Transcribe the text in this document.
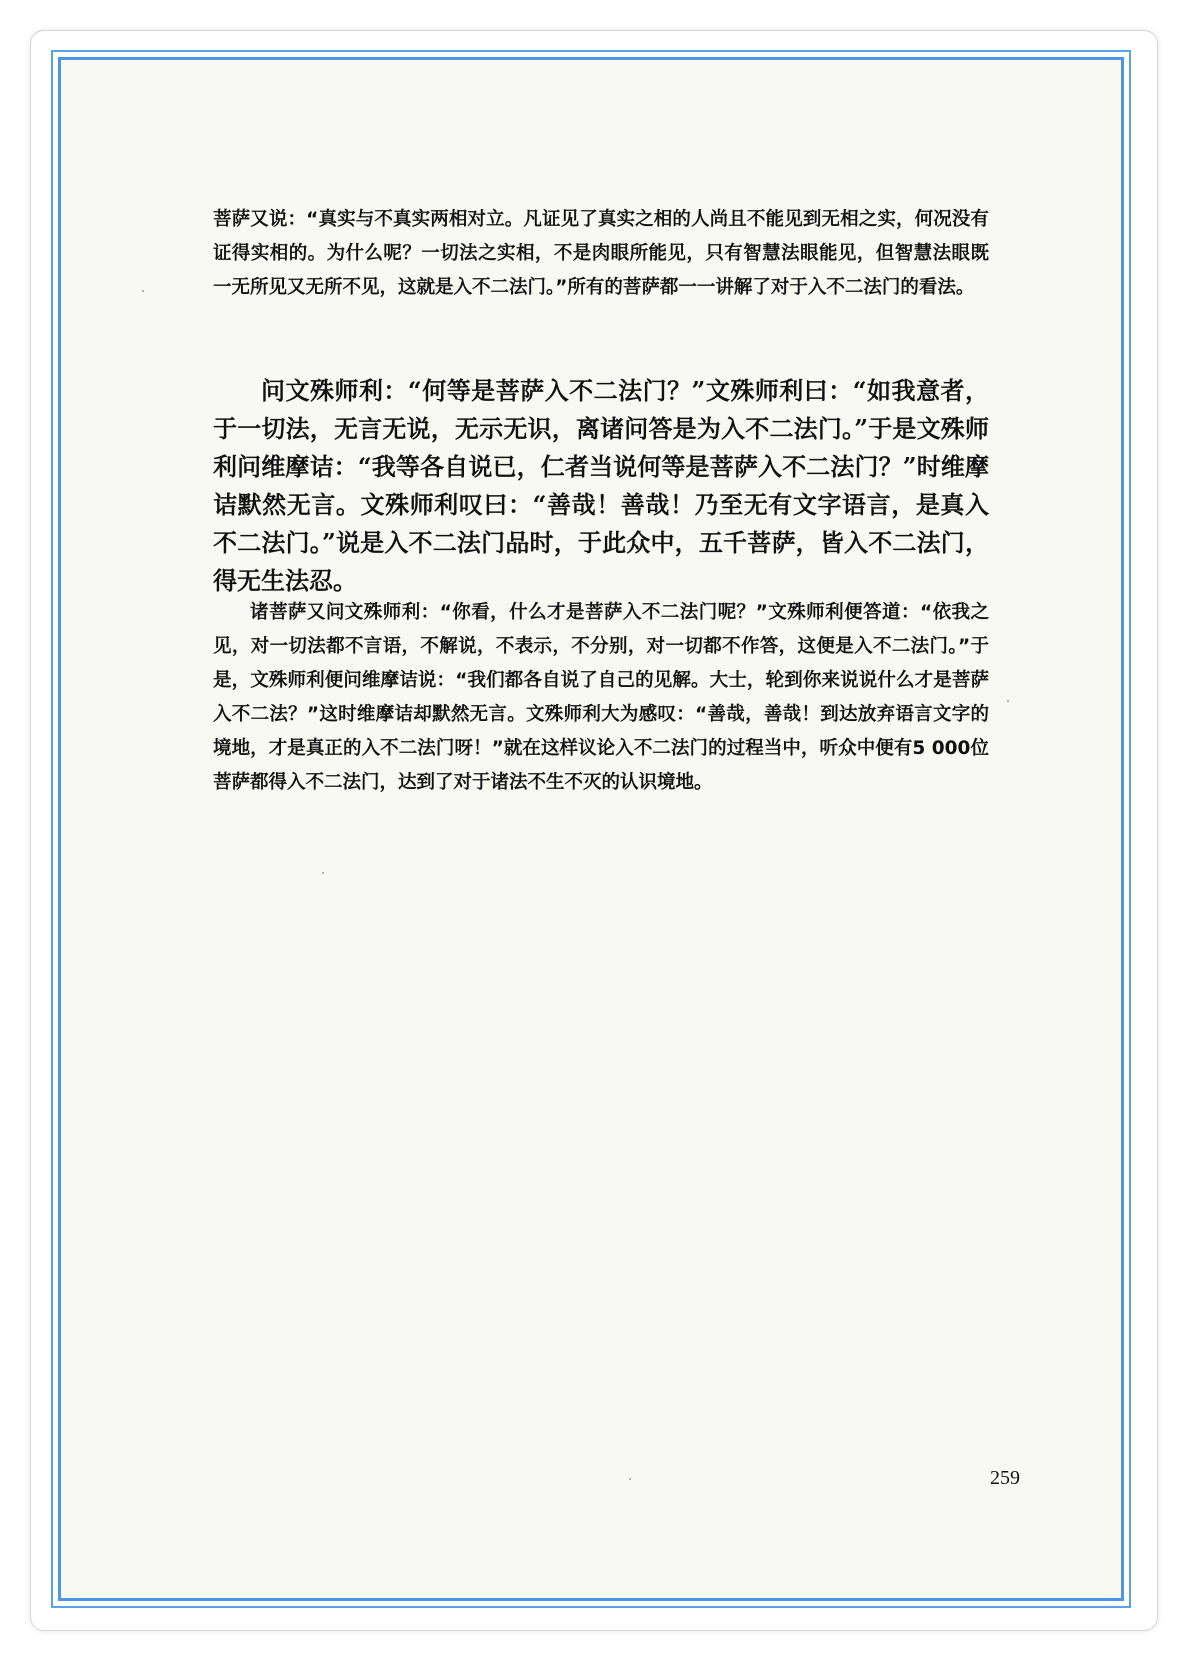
菩萨又说：“真实与不真实两相对立。凡证见了真实之相的人尚且不能见到无相之实，何况没有证得实相的。为什么呢？一切法之实相，不是肉眼所能见，只有智慧法眼能见，但智慧法眼既一无所见又无所不见，这就是入不二法门。”所有的菩萨都一一讲解了对于入不二法门的看法。

问文殊师利：“何等是菩萨入不二法门？”文殊师利曰：“如我意者，于一切法，无言无说，无示无识，离诸问答是为入不二法门。”于是文殊师利问维摩诘：“我等各自说已，仁者当说何等是菩萨入不二法门？”时维摩诘默然无言。文殊师利叹曰：“善哉！善哉！乃至无有文字语言，是真入不二法门。”说是入不二法门品时，于此众中，五千菩萨，皆入不二法门，得无生法忍。

诸菩萨又问文殊师利：“你看，什么才是菩萨入不二法门呢？”文殊师利便答道：“依我之见，对一切法都不言语，不解说，不表示，不分别，对一切都不作答，这便是入不二法门。”于是，文殊师利便问维摩诘说：“我们都各自说了自己的见解。大士，轮到你来说说什么才是菩萨入不二法？”这时维摩诘却默然无言。文殊师利大为感叹：“善哉，善哉！到达放弃语言文字的境地，才是真正的入不二法门呀！”就在这样议论入不二法门的过程当中，听众中便有5 000位菩萨都得入不二法门，达到了对于诸法不生不灭的认识境地。

259
